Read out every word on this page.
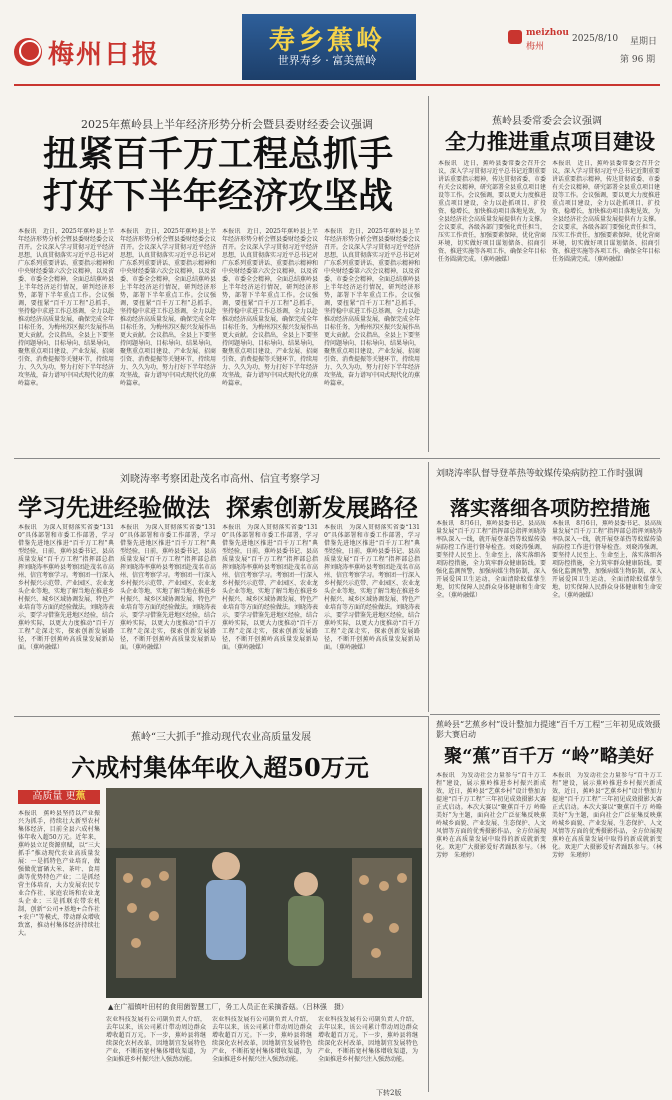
梅州日报	寿乡蕉岭
世界寿乡 · 富美蕉岭
meizhou
梅州
2025/8/10 星期日
第 96 期
2025年蕉岭县上半年经济形势分析会暨县委财经委会议强调
扭紧百千万工程总抓手
打好下半年经济攻坚战
本报讯　近日，2025年蕉岭县上半年经济形势分析会暨县委财经委会议召开。会议深入学习贯彻习近平经济思想，认真贯彻落实习近平总书记对广东系列重要讲话、重要指示精神和中央财经委第六次会议精神，以及省委、市委全会精神，全面总结蕉岭县上半年经济运行情况，研判经济形势，部署下半年重点工作。会议强调，要扭紧“百千万工程”总抓手，坚持稳中求进工作总基调，全力以赴推动经济高质量发展，确保完成全年目标任务，为梅州苏区振兴发展作出更大贡献。会议指出，全县上下要坚持问题导向、目标导向、结果导向，聚焦重点项目建设、产业发展、招商引资、消费提振等关键环节，持续用力、久久为功，努力打好下半年经济攻坚战，奋力谱写中国式现代化的蕉岭篇章。
本报讯　近日，2025年蕉岭县上半年经济形势分析会暨县委财经委会议召开。会议深入学习贯彻习近平经济思想，认真贯彻落实习近平总书记对广东系列重要讲话、重要指示精神和中央财经委第六次会议精神，以及省委、市委全会精神，全面总结蕉岭县上半年经济运行情况，研判经济形势，部署下半年重点工作。会议强调，要扭紧“百千万工程”总抓手，坚持稳中求进工作总基调，全力以赴推动经济高质量发展，确保完成全年目标任务，为梅州苏区振兴发展作出更大贡献。会议指出，全县上下要坚持问题导向、目标导向、结果导向，聚焦重点项目建设、产业发展、招商引资、消费提振等关键环节，持续用力、久久为功，努力打好下半年经济攻坚战，奋力谱写中国式现代化的蕉岭篇章。
本报讯　近日，2025年蕉岭县上半年经济形势分析会暨县委财经委会议召开。会议深入学习贯彻习近平经济思想，认真贯彻落实习近平总书记对广东系列重要讲话、重要指示精神和中央财经委第六次会议精神，以及省委、市委全会精神，全面总结蕉岭县上半年经济运行情况，研判经济形势，部署下半年重点工作。会议强调，要扭紧“百千万工程”总抓手，坚持稳中求进工作总基调，全力以赴推动经济高质量发展，确保完成全年目标任务，为梅州苏区振兴发展作出更大贡献。会议指出，全县上下要坚持问题导向、目标导向、结果导向，聚焦重点项目建设、产业发展、招商引资、消费提振等关键环节，持续用力、久久为功，努力打好下半年经济攻坚战，奋力谱写中国式现代化的蕉岭篇章。
本报讯　近日，2025年蕉岭县上半年经济形势分析会暨县委财经委会议召开。会议深入学习贯彻习近平经济思想，认真贯彻落实习近平总书记对广东系列重要讲话、重要指示精神和中央财经委第六次会议精神，以及省委、市委全会精神，全面总结蕉岭县上半年经济运行情况，研判经济形势，部署下半年重点工作。会议强调，要扭紧“百千万工程”总抓手，坚持稳中求进工作总基调，全力以赴推动经济高质量发展，确保完成全年目标任务，为梅州苏区振兴发展作出更大贡献。会议指出，全县上下要坚持问题导向、目标导向、结果导向，聚焦重点项目建设、产业发展、招商引资、消费提振等关键环节，持续用力、久久为功，努力打好下半年经济攻坚战，奋力谱写中国式现代化的蕉岭篇章。
蕉岭县委常委会会议强调
全力推进重点项目建设
本报讯　近日，蕉岭县委常委会召开会议，深入学习贯彻习近平总书记近期重要讲话重要指示精神，传达贯彻省委、市委有关会议精神，研究部署全县重点项目建设等工作。会议强调，要以更大力度推进重点项目建设，全力以赴抓项目、扩投资、稳增长，加快推动项目落地见效，为全县经济社会高质量发展提供有力支撑。会议要求，各级各部门要强化责任担当，压实工作责任，加强要素保障，优化营商环境，切实做好项目谋划储备、招商引资、推进实施等各项工作，确保全年目标任务圆满完成。（蕉岭融媒）
本报讯　近日，蕉岭县委常委会召开会议，深入学习贯彻习近平总书记近期重要讲话重要指示精神，传达贯彻省委、市委有关会议精神，研究部署全县重点项目建设等工作。会议强调，要以更大力度推进重点项目建设，全力以赴抓项目、扩投资、稳增长，加快推动项目落地见效，为全县经济社会高质量发展提供有力支撑。会议要求，各级各部门要强化责任担当，压实工作责任，加强要素保障，优化营商环境，切实做好项目谋划储备、招商引资、推进实施等各项工作，确保全年目标任务圆满完成。（蕉岭融媒）
刘晓涛率考察团赴茂名市高州、信宜考察学习
学习先进经验做法 探索创新发展路径
本报讯　为深入贯彻落实省委“1310”具体部署和市委工作部署，学习借鉴先进地区推进“百千万工程”典型经验，日前，蕉岭县委书记、县高质量发展“百千万工程”指挥部总指挥刘晓涛率蕉岭县考察团赴茂名市高州、信宜考察学习。考察团一行深入乡村振兴示范带、产业园区、农业龙头企业等地，实地了解当地在推进乡村振兴、城乡区域协调发展、特色产业培育等方面的经验做法。刘晓涛表示，要学习借鉴先进地区经验，结合蕉岭实际，以更大力度推动“百千万工程”走深走实，探索创新发展路径，不断开创蕉岭高质量发展新局面。（蕉岭融媒）
本报讯　为深入贯彻落实省委“1310”具体部署和市委工作部署，学习借鉴先进地区推进“百千万工程”典型经验，日前，蕉岭县委书记、县高质量发展“百千万工程”指挥部总指挥刘晓涛率蕉岭县考察团赴茂名市高州、信宜考察学习。考察团一行深入乡村振兴示范带、产业园区、农业龙头企业等地，实地了解当地在推进乡村振兴、城乡区域协调发展、特色产业培育等方面的经验做法。刘晓涛表示，要学习借鉴先进地区经验，结合蕉岭实际，以更大力度推动“百千万工程”走深走实，探索创新发展路径，不断开创蕉岭高质量发展新局面。（蕉岭融媒）
本报讯　为深入贯彻落实省委“1310”具体部署和市委工作部署，学习借鉴先进地区推进“百千万工程”典型经验，日前，蕉岭县委书记、县高质量发展“百千万工程”指挥部总指挥刘晓涛率蕉岭县考察团赴茂名市高州、信宜考察学习。考察团一行深入乡村振兴示范带、产业园区、农业龙头企业等地，实地了解当地在推进乡村振兴、城乡区域协调发展、特色产业培育等方面的经验做法。刘晓涛表示，要学习借鉴先进地区经验，结合蕉岭实际，以更大力度推动“百千万工程”走深走实，探索创新发展路径，不断开创蕉岭高质量发展新局面。（蕉岭融媒）
本报讯　为深入贯彻落实省委“1310”具体部署和市委工作部署，学习借鉴先进地区推进“百千万工程”典型经验，日前，蕉岭县委书记、县高质量发展“百千万工程”指挥部总指挥刘晓涛率蕉岭县考察团赴茂名市高州、信宜考察学习。考察团一行深入乡村振兴示范带、产业园区、农业龙头企业等地，实地了解当地在推进乡村振兴、城乡区域协调发展、特色产业培育等方面的经验做法。刘晓涛表示，要学习借鉴先进地区经验，结合蕉岭实际，以更大力度推动“百千万工程”走深走实，探索创新发展路径，不断开创蕉岭高质量发展新局面。（蕉岭融媒）
刘晓涛率队督导登革热等蚊媒传染病防控工作时强调
落实落细各项防控措施
本报讯　8月6日，蕉岭县委书记、县高质量发展“百千万工程”指挥部总指挥刘晓涛率队深入一线，就开展登革热等蚊媒传染病防控工作进行督导检查。刘晓涛强调，要坚持人民至上、生命至上，落实落细各项防控措施，全力筑牢群众健康防线。要强化监测预警，加强病媒生物防制，深入开展爱国卫生运动，全面清除蚊媒孳生地，切实保障人民群众身体健康和生命安全。（蕉岭融媒）
本报讯　8月6日，蕉岭县委书记、县高质量发展“百千万工程”指挥部总指挥刘晓涛率队深入一线，就开展登革热等蚊媒传染病防控工作进行督导检查。刘晓涛强调，要坚持人民至上、生命至上，落实落细各项防控措施，全力筑牢群众健康防线。要强化监测预警，加强病媒生物防制，深入开展爱国卫生运动，全面清除蚊媒孳生地，切实保障人民群众身体健康和生命安全。（蕉岭融媒）
蕉岭县“艺蕉乡村”设计整加力提速“百千万工程”三年初见成效摄影大赛启动
聚“蕉”百千万 “岭”略美好
本报讯　为发动社会力量参与“百千万工程”建设，展示蕉岭推进乡村振兴新成效，近日，蕉岭县“艺蕉乡村”设计整加力提速“百千万工程”三年初见成效摄影大赛正式启动。本次大赛以“聚蕉百千万 岭略美好”为主题，面向社会广泛征集反映蕉岭城乡面貌、产业发展、生态保护、人文风情等方面的优秀摄影作品，全方位展现蕉岭在高质量发展中取得的新成就新变化。欢迎广大摄影爱好者踊跃参与。（林芳婷　朱瑾婷）
本报讯　为发动社会力量参与“百千万工程”建设，展示蕉岭推进乡村振兴新成效，近日，蕉岭县“艺蕉乡村”设计整加力提速“百千万工程”三年初见成效摄影大赛正式启动。本次大赛以“聚蕉百千万 岭略美好”为主题，面向社会广泛征集反映蕉岭城乡面貌、产业发展、生态保护、人文风情等方面的优秀摄影作品，全方位展现蕉岭在高质量发展中取得的新成就新变化。欢迎广大摄影爱好者踊跃参与。（林芳婷　朱瑾婷）
蕉岭“三大抓手”推动现代农业高质量发展
六成村集体年收入超50万元
高质量 更蕉
本报讯　蕉岭县坚持以产业振兴为抓手，持续壮大新型农村集体经济，目前全县六成村集体年收入超50万元。近年来，蕉岭县立足资源禀赋，以“三大抓手”推动现代农业高质量发展：一是抓特色产业培育，做强做优富硒大米、茶叶、食用菌等优势特色产业；二是抓经营主体培育，大力发展农民专业合作社、家庭农场和农业龙头企业；三是抓联农带农机制，创新“公司+基地+合作社+农户”等模式，带动群众增收致富，推动村集体经济持续壮大。
▲在广福镇叶田村的食用菌智慧工厂，务工人员正在采摘香菇。（吕林强　摄）
农业科技发展有公司副负责人介绍，去年以来，该公司累计带动周边群众增收超百万元。下一步，蕉岭县将继续深化农村改革，因地制宜发展特色产业，不断拓宽村集体增收渠道，为全面推进乡村振兴注入强劲动能。
农业科技发展有公司副负责人介绍，去年以来，该公司累计带动周边群众增收超百万元。下一步，蕉岭县将继续深化农村改革，因地制宜发展特色产业，不断拓宽村集体增收渠道，为全面推进乡村振兴注入强劲动能。
农业科技发展有公司副负责人介绍，去年以来，该公司累计带动周边群众增收超百万元。下一步，蕉岭县将继续深化农村改革，因地制宜发展特色产业，不断拓宽村集体增收渠道，为全面推进乡村振兴注入强劲动能。
下转2版
